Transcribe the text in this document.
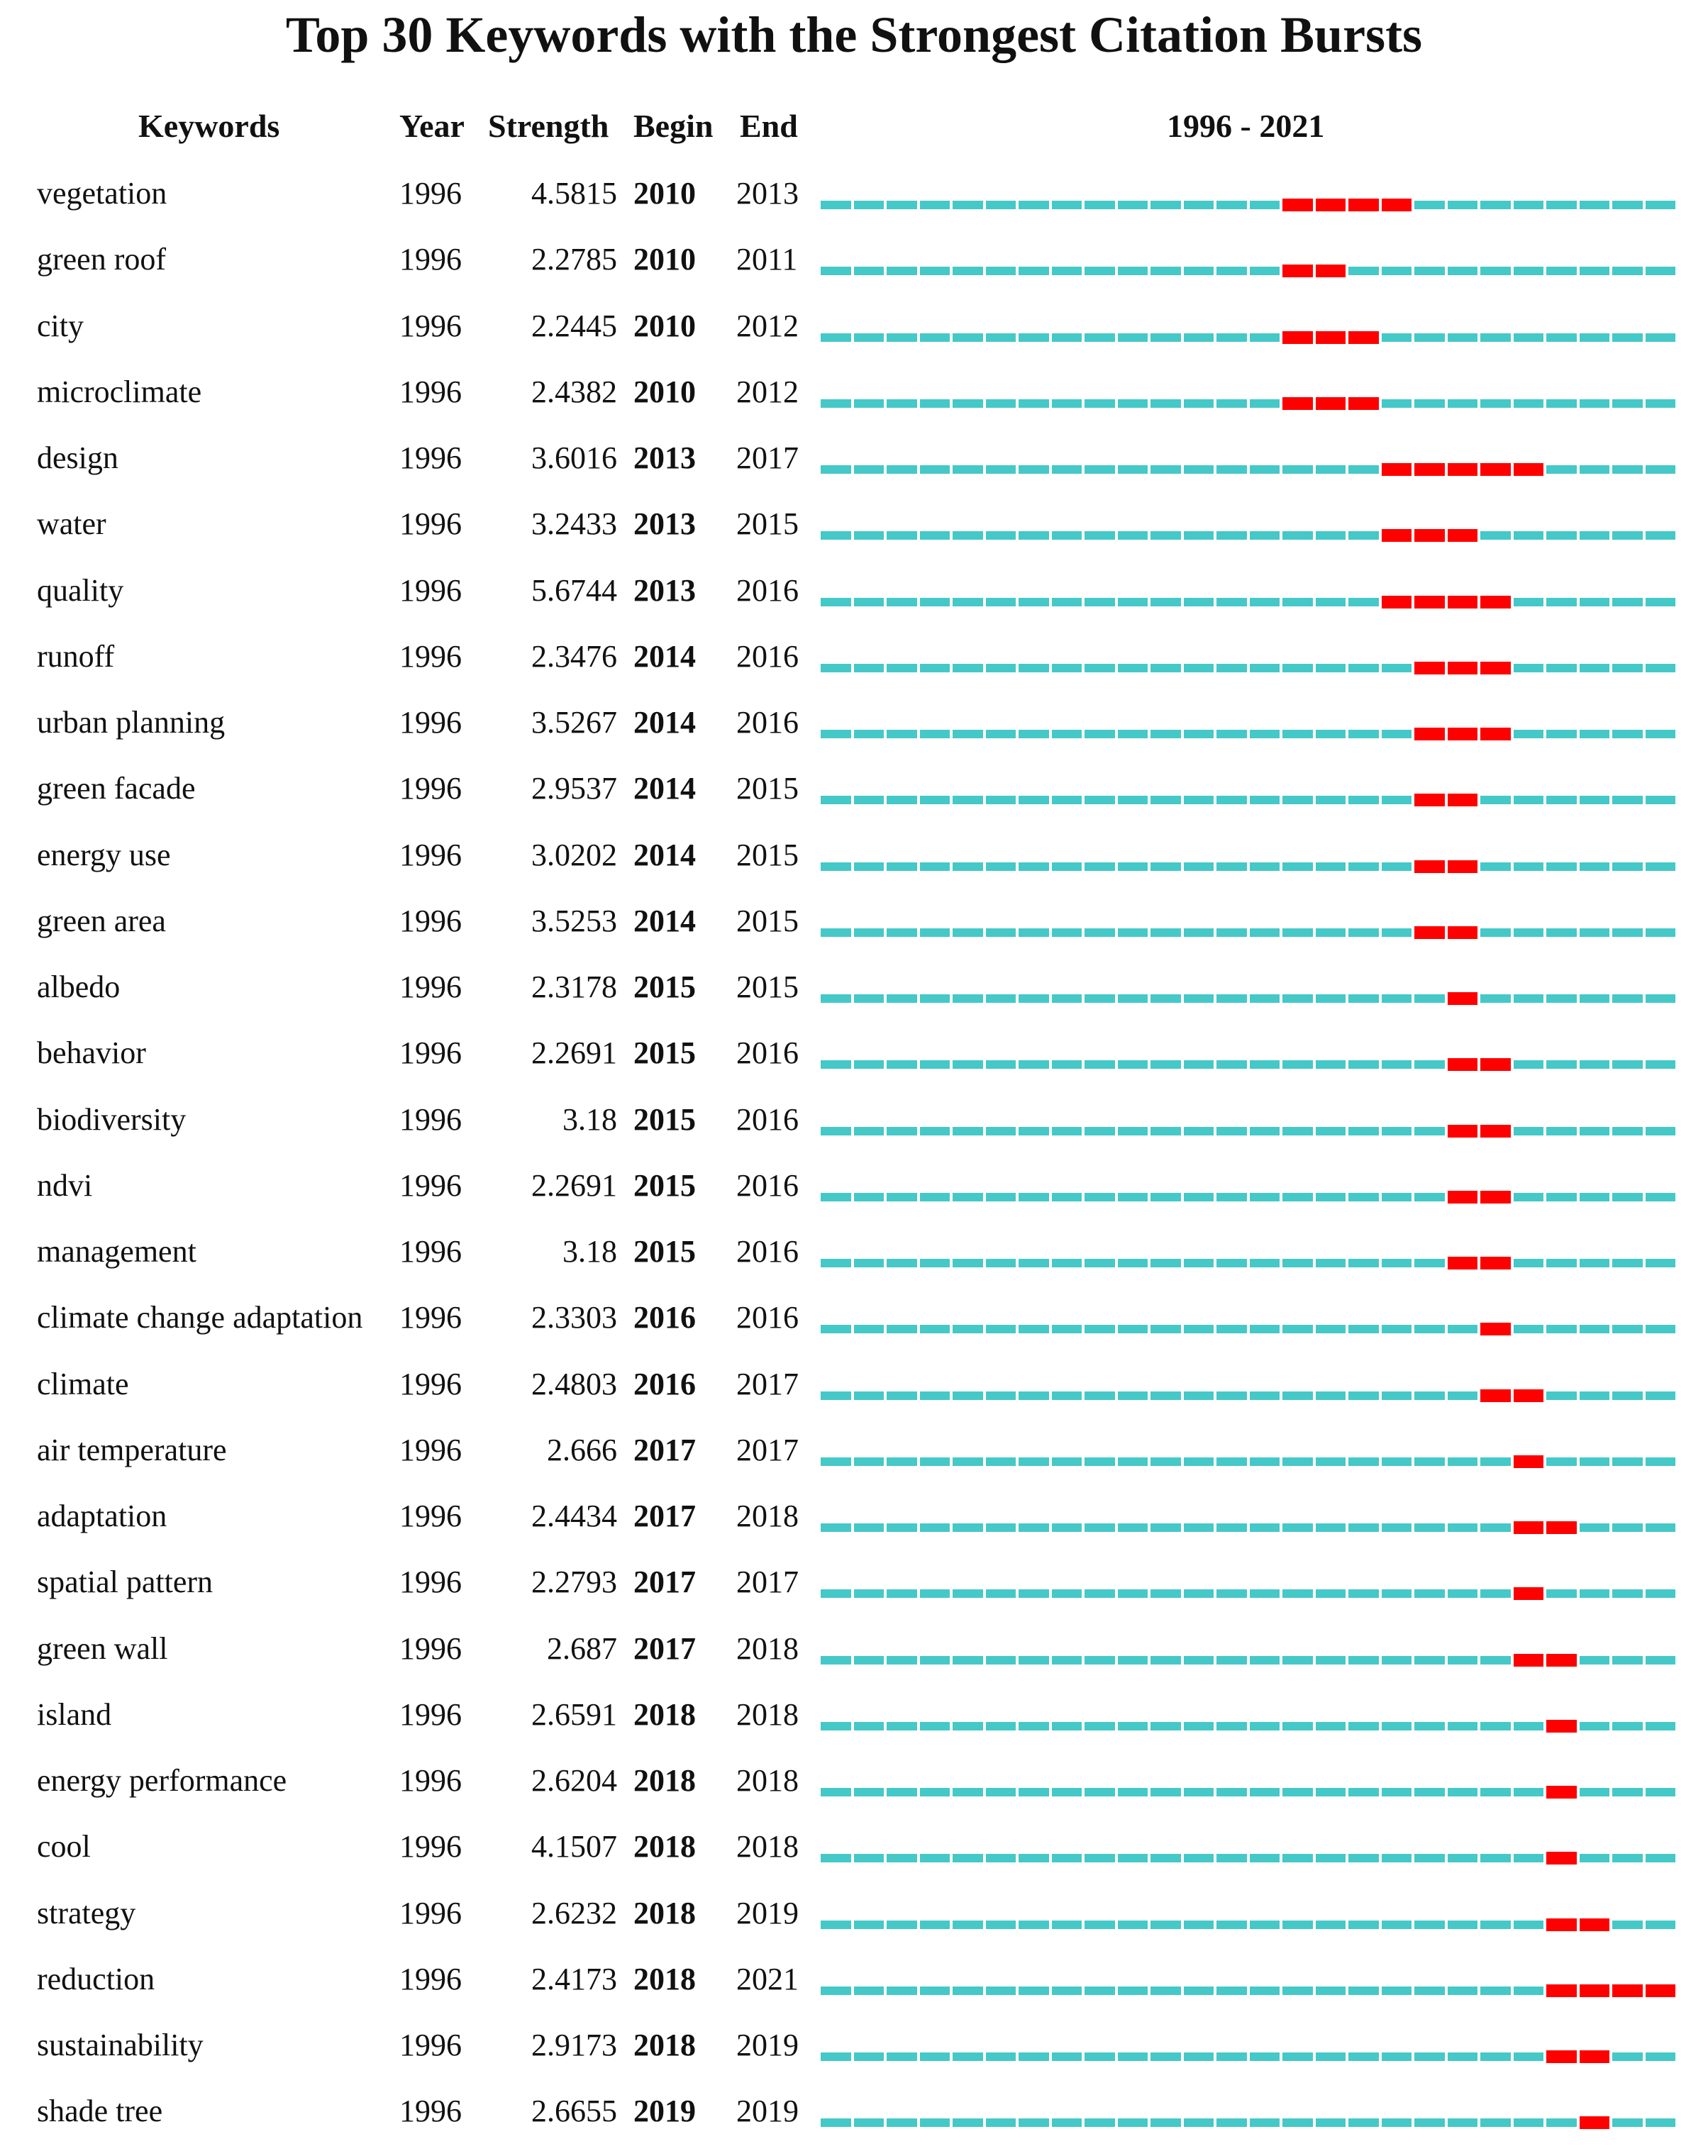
Top 30 Keywords with the Strongest Citation Bursts
Keywords	Year Strength Begin End	1996 - 2021
vegetation	1996	4.5815 2010 2013
green roof	1996	2.2785 2010 2011
city	1996	2.2445 2010 2012
microclimate	1996	2.4382 2010 2012
design	1996	3.6016 2013 2017
water	1996	3.2433 2013 2015
quality	1996	5.6744 2013 2016
runoff	1996	2.3476 2014 2016
urban planning	1996	3.5267 2014 2016
green facade	1996	2.9537 2014 2015
energy use	1996	3.0202 2014 2015
green area	1996	3.5253 2014 2015
albedo	1996	2.3178 2015 2015
behavior	1996	2.2691 2015 2016
biodiversity	1996	3.18 2015 2016
ndvi	1996	2.2691 2015 2016
management	1996	3.18 2015 2016
climate change adaptation 1996	2.3303 2016 2016
climate	1996	2.4803 2016 2017
air temperature	1996	2.666 2017 2017
adaptation	1996	2.4434 2017 2018
spatial pattern	1996	2.2793 2017 2017
green wall	1996	2.687 2017 2018
island	1996	2.6591 2018 2018
energy performance	1996	2.6204 2018 2018
cool	1996	4.1507 2018 2018
strategy	1996	2.6232 2018 2019
reduction	1996	2.4173 2018 2021
sustainability	1996	2.9173 2018 2019
shade tree	1996	2.6655 2019 2019
